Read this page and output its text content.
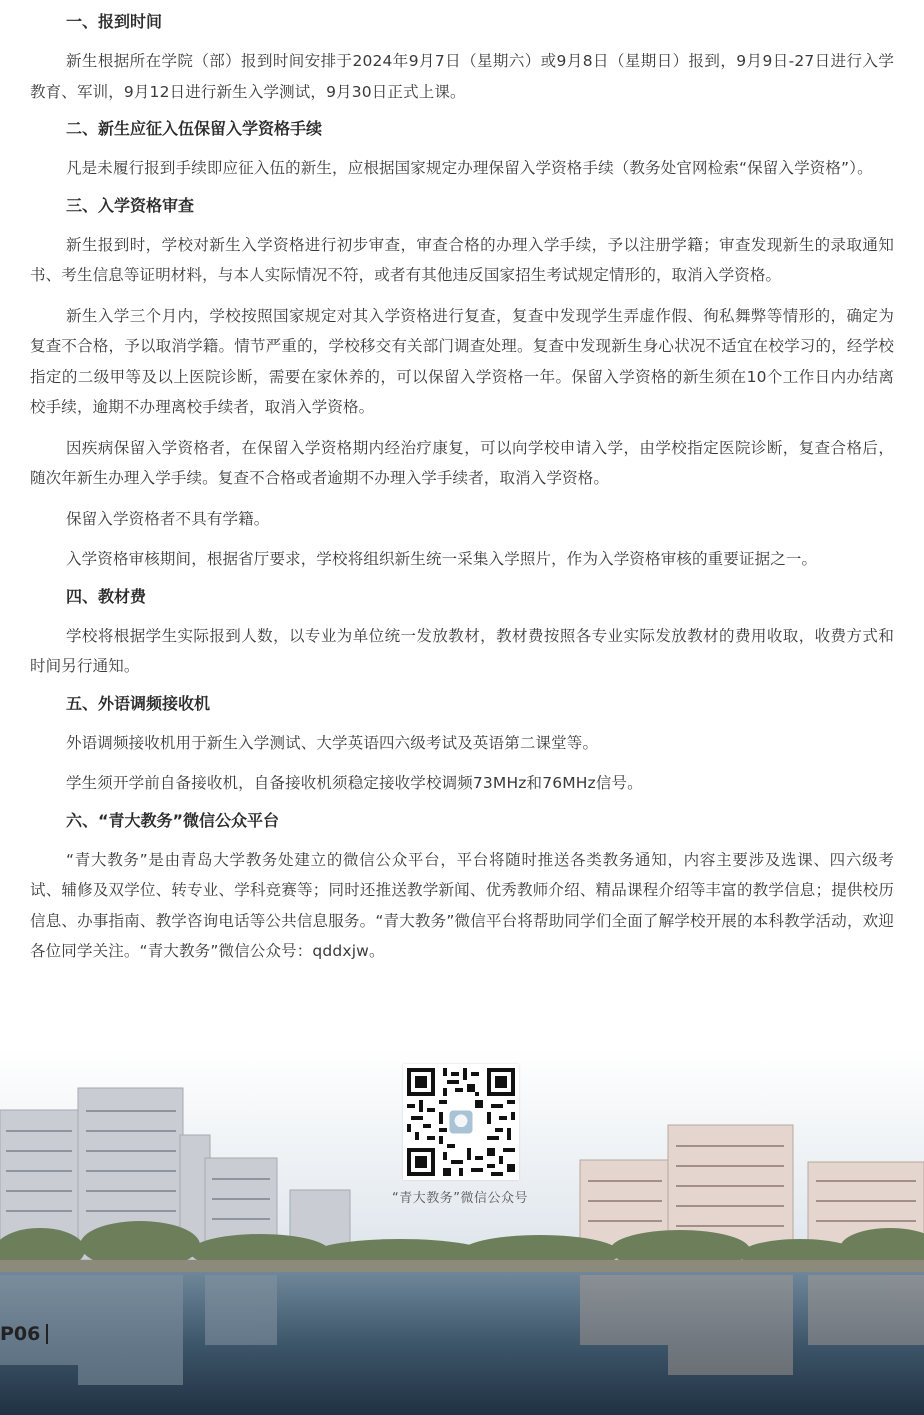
一、报到时间

新生根据所在学院（部）报到时间安排于2024年9月7日（星期六）或9月8日（星期日）报到，9月9日-27日进行入学教育、军训，9月12日进行新生入学测试，9月30日正式上课。

二、新生应征入伍保留入学资格手续

凡是未履行报到手续即应征入伍的新生，应根据国家规定办理保留入学资格手续（教务处官网检索“保留入学资格”）。

三、入学资格审查

新生报到时，学校对新生入学资格进行初步审查，审查合格的办理入学手续，予以注册学籍；审查发现新生的录取通知书、考生信息等证明材料，与本人实际情况不符，或者有其他违反国家招生考试规定情形的，取消入学资格。

新生入学三个月内，学校按照国家规定对其入学资格进行复查，复查中发现学生弄虚作假、徇私舞弊等情形的，确定为复查不合格，予以取消学籍。情节严重的，学校移交有关部门调查处理。复查中发现新生身心状况不适宜在校学习的，经学校指定的二级甲等及以上医院诊断，需要在家休养的，可以保留入学资格一年。保留入学资格的新生须在10个工作日内办结离校手续，逾期不办理离校手续者，取消入学资格。

因疾病保留入学资格者，在保留入学资格期内经治疗康复，可以向学校申请入学，由学校指定医院诊断，复查合格后，随次年新生办理入学手续。复查不合格或者逾期不办理入学手续者，取消入学资格。

保留入学资格者不具有学籍。

入学资格审核期间，根据省厅要求，学校将组织新生统一采集入学照片，作为入学资格审核的重要证据之一。

四、教材费

学校将根据学生实际报到人数，以专业为单位统一发放教材，教材费按照各专业实际发放教材的费用收取，收费方式和时间另行通知。

五、外语调频接收机

外语调频接收机用于新生入学测试、大学英语四六级考试及英语第二课堂等。

学生须开学前自备接收机，自备接收机须稳定接收学校调频73MHz和76MHz信号。

六、“青大教务”微信公众平台

“青大教务”是由青岛大学教务处建立的微信公众平台，平台将随时推送各类教务通知，内容主要涉及选课、四六级考试、辅修及双学位、转专业、学科竞赛等；同时还推送教学新闻、优秀教师介绍、精品课程介绍等丰富的教学信息；提供校历信息、办事指南、教学咨询电话等公共信息服务。“青大教务”微信平台将帮助同学们全面了解学校开展的本科教学活动，欢迎各位同学关注。“青大教务”微信公众号：qddxjw。

“青大教务”微信公众号
P06
